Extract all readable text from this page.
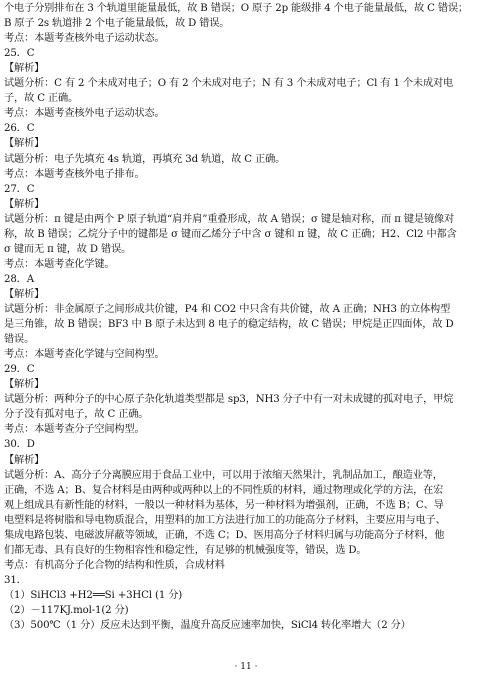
个电子分别排布在 3 个轨道里能量最低，故 B 错误；O 原子 2p 能级排 4 个电子能量最低，故 C 错误；
B 原子 2s 轨道排 2 个电子能量最低，故 D 错误。
考点：本题考查核外电子运动状态。
25．C
【解析】
试题分析：C 有 2 个未成对电子；O 有 2 个未成对电子；N 有 3 个未成对电子；Cl 有 1 个未成对电
子，故 C 正确。
考点：本题考查核外电子运动状态。
26．C
【解析】
试题分析：电子先填充 4s 轨道，再填充 3d 轨道，故 C 正确。
考点：本题考查核外电子排布。
27．C
【解析】
试题分析：π 键是由两个 P 原子轨道“肩并肩”重叠形成，故 A 错误；σ 键是轴对称，而 π 键是镜像对
称，故 B 错误；乙烷分子中的键都是 σ 键而乙烯分子中含 σ 键和 π 键，故 C 正确；H2、Cl2 中都含
σ 键而无 π 键，故 D 错误。
考点：本题考查化学键。
28．A
【解析】
试题分析：非金属原子之间形成共价键，P4 和 CO2 中只含有共价键，故 A 正确；NH3 的立体构型
是三角锥，故 B 错误；BF3 中 B 原子未达到 8 电子的稳定结构，故 C 错误；甲烷是正四面体，故 D
错误。
考点：本题考查化学键与空间构型。
29．C
【解析】
试题分析：两种分子的中心原子杂化轨道类型都是 sp3，NH3 分子中有一对未成键的孤对电子，甲烷
分子没有孤对电子，故 C 正确。
考点：本题考查分子空间构型。
30．D
【解析】
试题分析：A、高分子分离膜应用于食品工业中，可以用于浓缩天然果汁，乳制品加工，酿造业等，
正确，不选 A；B、复合材料是由两种或两种以上的不同性质的材料，通过物理或化学的方法，在宏
观上组成具有新性能的材料，一般以一种材料为基体，另一种材料为增强剂，正确，不选 B；C、导
电塑料是将树脂和导电物质混合，用塑料的加工方法进行加工的功能高分子材料，主要应用与电子、
集成电路包装、电磁波屏蔽等领域，正确，不选 C；D、医用高分子材料归属与功能高分子材料，他
们都无毒、具有良好的生物相容性和稳定性，有足够的机械强度等，错误，选 D。
考点：有机高分子化合物的结构和性质，合成材料
31．
（1）SiHCl3 +H2══Si +3HCl (1 分)
（2）－117KJ.mol-1(2 分)
（3）500℃（1 分）反应未达到平衡，温度升高反应速率加快，SiCl4 转化率增大（2 分）
· 11 ·
